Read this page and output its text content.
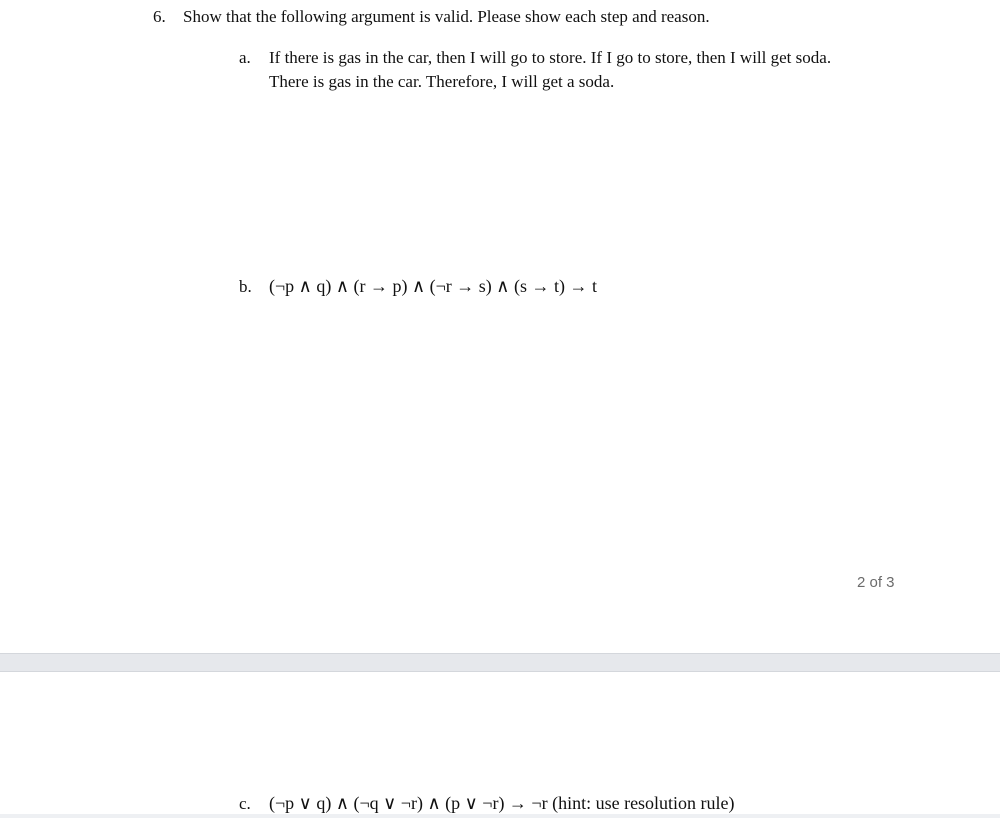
6. Show that the following argument is valid. Please show each step and reason.
a. If there is gas in the car, then I will go to store. If I go to store, then I will get soda.
There is gas in the car. Therefore, I will get a soda.
b. (¬p ∧ q) ∧ (r → p) ∧ (¬r → s) ∧ (s → t) → t
2 of 3
c. (¬p ∨ q) ∧ (¬q ∨ ¬r) ∧ (p ∨ ¬r) → ¬r (hint: use resolution rule)
